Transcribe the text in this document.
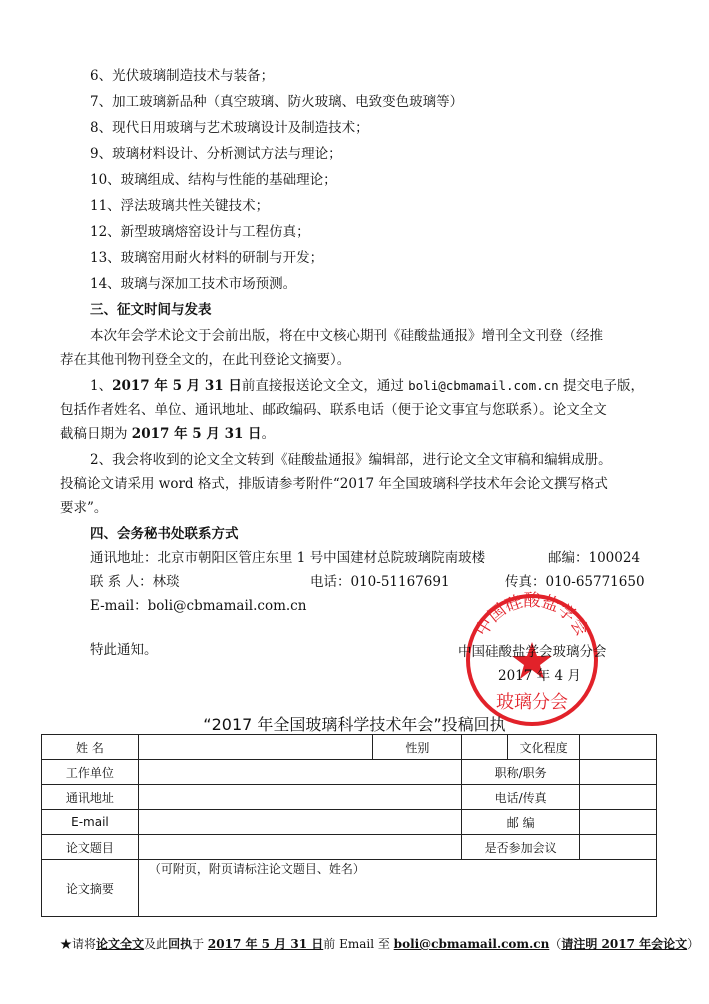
6、光伏玻璃制造技术与装备；
7、加工玻璃新品种（真空玻璃、防火玻璃、电致变色玻璃等）
8、现代日用玻璃与艺术玻璃设计及制造技术；
9、玻璃材料设计、分析测试方法与理论；
10、玻璃组成、结构与性能的基础理论；
11、浮法玻璃共性关键技术；
12、新型玻璃熔窑设计与工程仿真；
13、玻璃窑用耐火材料的研制与开发；
14、玻璃与深加工技术市场预测。
三、征文时间与发表
本次年会学术论文于会前出版，将在中文核心期刊《硅酸盐通报》增刊全文刊登（经推
荐在其他刊物刊登全文的，在此刊登论文摘要）。
1、2017 年 5 月 31 日前直接报送论文全文，通过 boli@cbmamail.com.cn 提交电子版，
包括作者姓名、单位、通讯地址、邮政编码、联系电话（便于论文事宜与您联系）。论文全文
截稿日期为 2017 年 5 月 31 日。
2、我会将收到的论文全文转到《硅酸盐通报》编辑部，进行论文全文审稿和编辑成册。
投稿论文请采用 word 格式，排版请参考附件“2017 年全国玻璃科学技术年会论文撰写格式
要求”。
四、会务秘书处联系方式
通讯地址：北京市朝阳区管庄东里 1 号中国建材总院玻璃院南玻楼	邮编：100024
联 系 人：林琰	电话：010-51167691	传真：010-65771650
E-mail：boli@cbmamail.com.cn
特此通知。
中国硅酸盐学会
玻璃分会
中国硅酸盐学会玻璃分会
2017 年 4 月
“2017 年全国玻璃科学技术年会”投稿回执
姓 名		性别		文化程度	
工作单位			职称/职务		
通讯地址			电话/传真		
E-mail			邮 编		
论文题目			是否参加会议		
论文摘要	（可附页，附页请标注论文题目、姓名）				
★请将论文全文及此回执于 2017 年 5 月 31 日前 Email 至 boli@cbmamail.com.cn（请注明 2017 年会论文）
